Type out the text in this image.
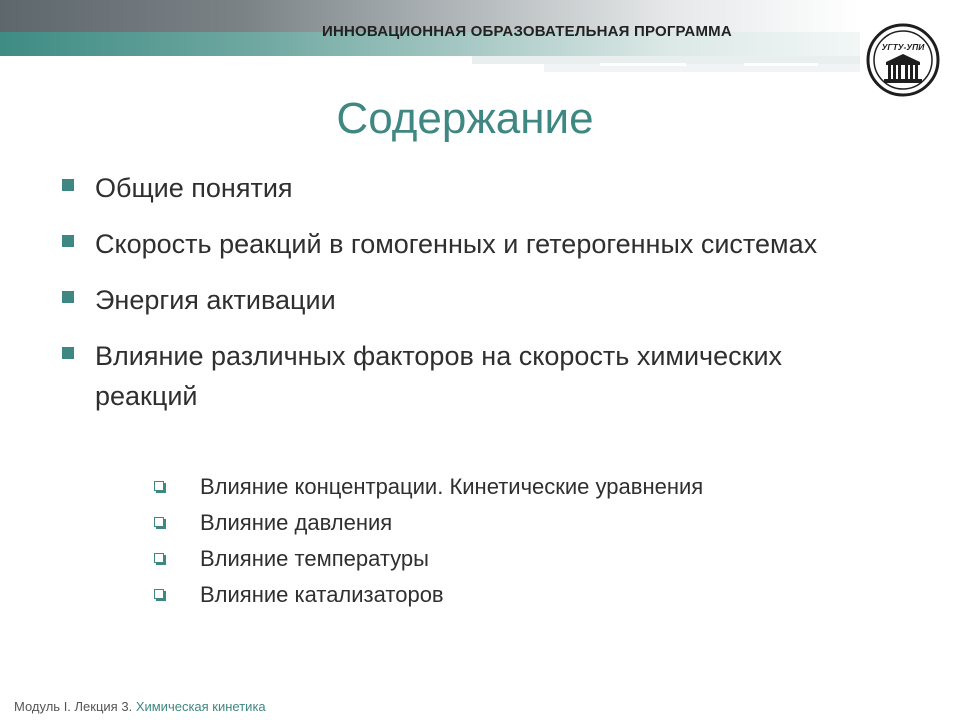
ИННОВАЦИОННАЯ ОБРАЗОВАТЕЛЬНАЯ ПРОГРАММА
УГТУ-УПИ
Содержание
Общие понятия
Скорость реакций в гомогенных и гетерогенных системах
Энергия активации
Влияние различных факторов на скорость химических реакций
Влияние концентрации. Кинетические уравнения
Влияние давления
Влияние температуры
Влияние катализаторов
Модуль I. Лекция 3. Химическая кинетика
